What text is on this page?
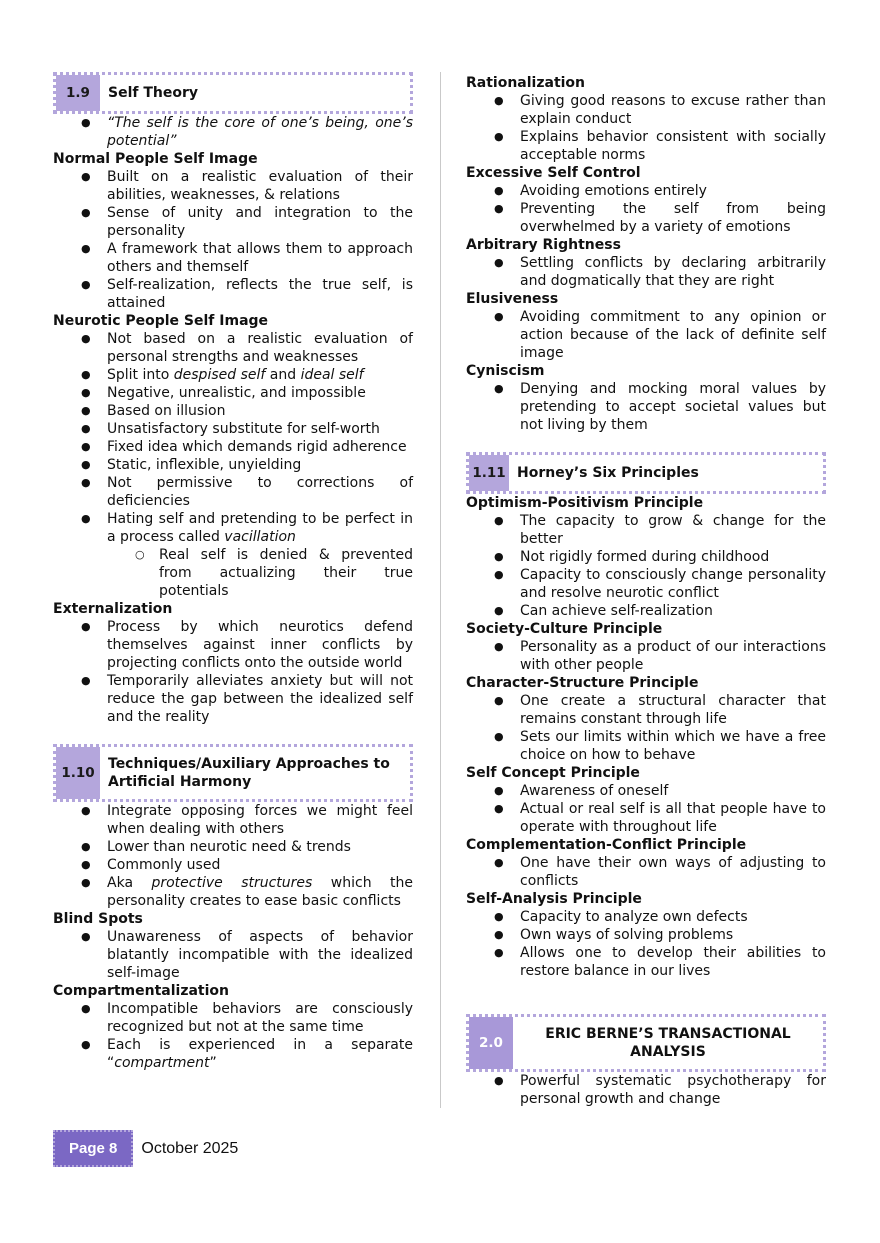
1.9	Self Theory
● “The self is the core of one’s being, one’s potential”
Normal People Self Image
● Built on a realistic evaluation of their abilities, weaknesses, & relations
● Sense of unity and integration to the personality
● A framework that allows them to approach others and themself
● Self-realization, reflects the true self, is attained
Neurotic People Self Image
● Not based on a realistic evaluation of personal strengths and weaknesses
● Split into despised self and ideal self
● Negative, unrealistic, and impossible
● Based on illusion
● Unsatisfactory substitute for self-worth
● Fixed idea which demands rigid adherence
● Static, inflexible, unyielding
● Not permissive to corrections of deficiencies
● Hating self and pretending to be perfect in a process called vacillation
○ Real self is denied & prevented from actualizing their true potentials
Externalization
● Process by which neurotics defend themselves against inner conflicts by projecting conflicts onto the outside world
● Temporarily alleviates anxiety but will not reduce the gap between the idealized self and the reality
1.10
Techniques/Auxiliary Approaches to Artificial Harmony
● Integrate opposing forces we might feel when dealing with others
● Lower than neurotic need & trends
● Commonly used
● Aka protective structures which the personality creates to ease basic conflicts
Blind Spots
● Unawareness of aspects of behavior blatantly incompatible with the idealized self-image
Compartmentalization
● Incompatible behaviors are consciously recognized but not at the same time
● Each is experienced in a separate “compartment”
Rationalization
● Giving good reasons to excuse rather than explain conduct
● Explains behavior consistent with socially acceptable norms
Excessive Self Control
● Avoiding emotions entirely
● Preventing the self from being overwhelmed by a variety of emotions
Arbitrary Rightness
● Settling conflicts by declaring arbitrarily and dogmatically that they are right
Elusiveness
● Avoiding commitment to any opinion or action because of the lack of definite self image
Cyniscism
● Denying and mocking moral values by pretending to accept societal values but not living by them
1.11 Horney’s Six Principles
Optimism-Positivism Principle
● The capacity to grow & change for the better
● Not rigidly formed during childhood
● Capacity to consciously change personality and resolve neurotic conflict
● Can achieve self-realization
Society-Culture Principle
● Personality as a product of our interactions with other people
Character-Structure Principle
● One create a structural character that remains constant through life
● Sets our limits within which we have a free choice on how to behave
Self Concept Principle
● Awareness of oneself
● Actual or real self is all that people have to operate with throughout life
Complementation-Conflict Principle
● One have their own ways of adjusting to conflicts
Self-Analysis Principle
● Capacity to analyze own defects
● Own ways of solving problems
● Allows one to develop their abilities to restore balance in our lives
2.0
ERIC BERNE’S TRANSACTIONAL ANALYSIS
● Powerful systematic psychotherapy for personal growth and change
Page 8	October 2025
